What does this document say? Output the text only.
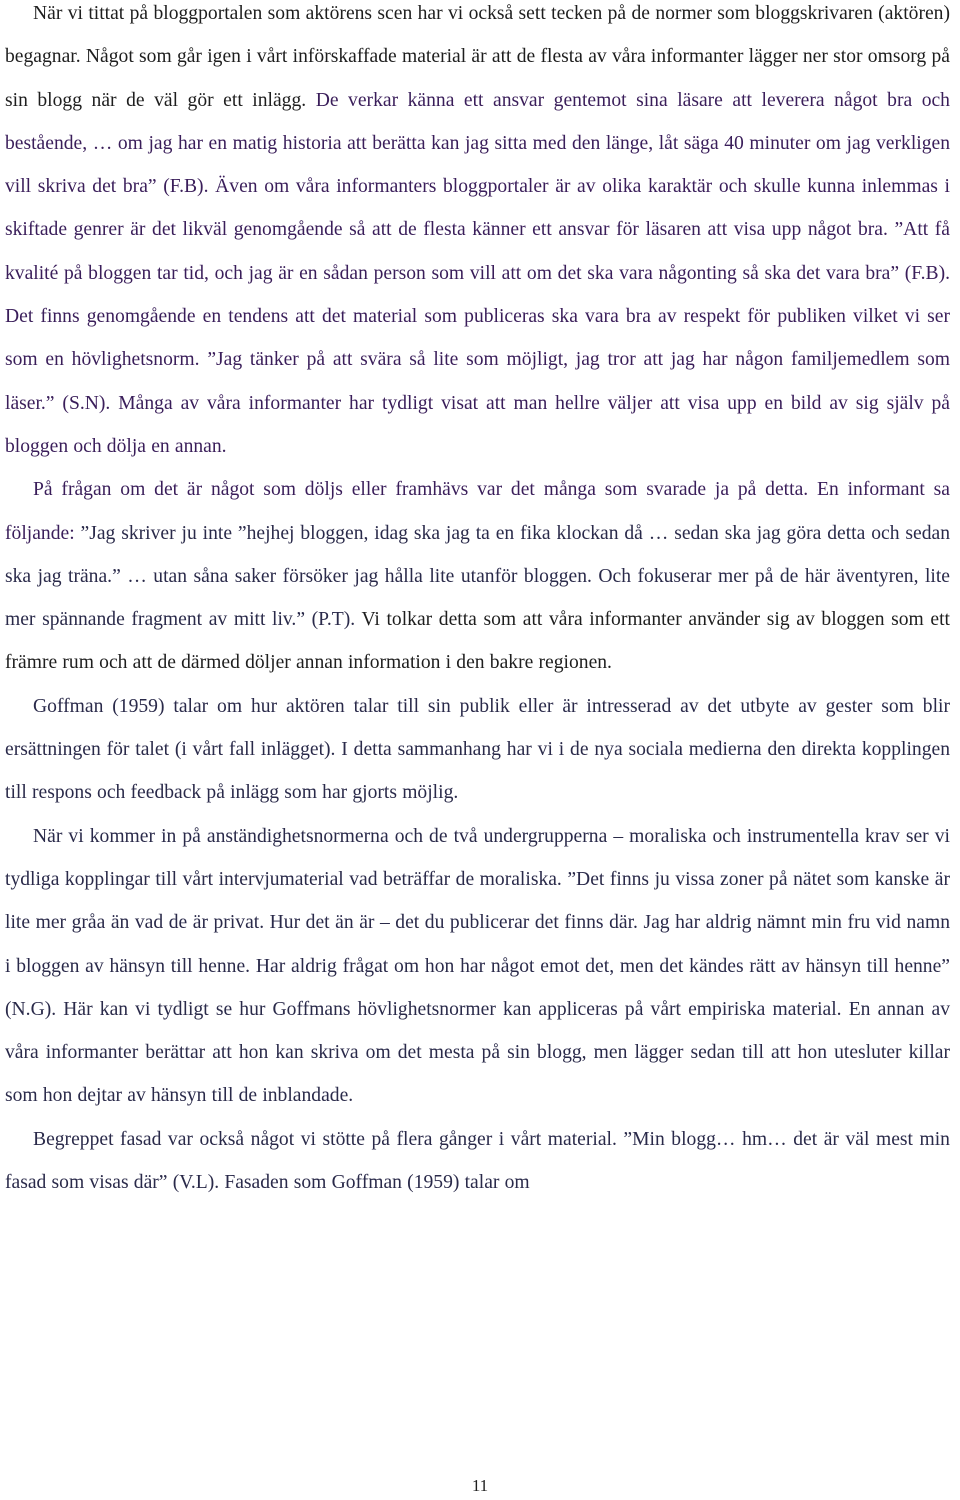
När vi tittat på bloggportalen som aktörens scen har vi också sett tecken på de normer som bloggskrivaren (aktören) begagnar. Något som går igen i vårt införskaffade material är att de flesta av våra informanter lägger ner stor omsorg på sin blogg när de väl gör ett inlägg. De verkar känna ett ansvar gentemot sina läsare att leverera något bra och bestående, … om jag har en matig historia att berätta kan jag sitta med den länge, låt säga 40 minuter om jag verkligen vill skriva det bra” (F.B). Även om våra informanters bloggportaler är av olika karaktär och skulle kunna inlemmas i skiftade genrer är det likväl genomgående så att de flesta känner ett ansvar för läsaren att visa upp något bra. ”Att få kvalité på bloggen tar tid, och jag är en sådan person som vill att om det ska vara någonting så ska det vara bra” (F.B). Det finns genomgående en tendens att det material som publiceras ska vara bra av respekt för publiken vilket vi ser som en hövlighetsnorm. ”Jag tänker på att svära så lite som möjligt, jag tror att jag har någon familjemedlem som läser.” (S.N). Många av våra informanter har tydligt visat att man hellre väljer att visa upp en bild av sig själv på bloggen och dölja en annan.

På frågan om det är något som döljs eller framhävs var det många som svarade ja på detta. En informant sa följande: ”Jag skriver ju inte ”hejhej bloggen, idag ska jag ta en fika klockan då … sedan ska jag göra detta och sedan ska jag träna.” … utan såna saker försöker jag hålla lite utanför bloggen. Och fokuserar mer på de här äventyren, lite mer spännande fragment av mitt liv.” (P.T). Vi tolkar detta som att våra informanter använder sig av bloggen som ett främre rum och att de därmed döljer annan information i den bakre regionen.

Goffman (1959) talar om hur aktören talar till sin publik eller är intresserad av det utbyte av gester som blir ersättningen för talet (i vårt fall inlägget). I detta sammanhang har vi i de nya sociala medierna den direkta kopplingen till respons och feedback på inlägg som har gjorts möjlig.

När vi kommer in på anständighetsnormerna och de två undergrupperna – moraliska och instrumentella krav ser vi tydliga kopplingar till vårt intervjumaterial vad beträffar de moraliska. ”Det finns ju vissa zoner på nätet som kanske är lite mer gråa än vad de är privat. Hur det än är – det du publicerar det finns där. Jag har aldrig nämnt min fru vid namn i bloggen av hänsyn till henne. Har aldrig frågat om hon har något emot det, men det kändes rätt av hänsyn till henne” (N.G). Här kan vi tydligt se hur Goffmans hövlighetsnormer kan appliceras på vårt empiriska material. En annan av våra informanter berättar att hon kan skriva om det mesta på sin blogg, men lägger sedan till att hon utesluter killar som hon dejtar av hänsyn till de inblandade.

Begreppet fasad var också något vi stötte på flera gånger i vårt material. ”Min blogg… hm… det är väl mest min fasad som visas där” (V.L). Fasaden som Goffman (1959) talar om

11
